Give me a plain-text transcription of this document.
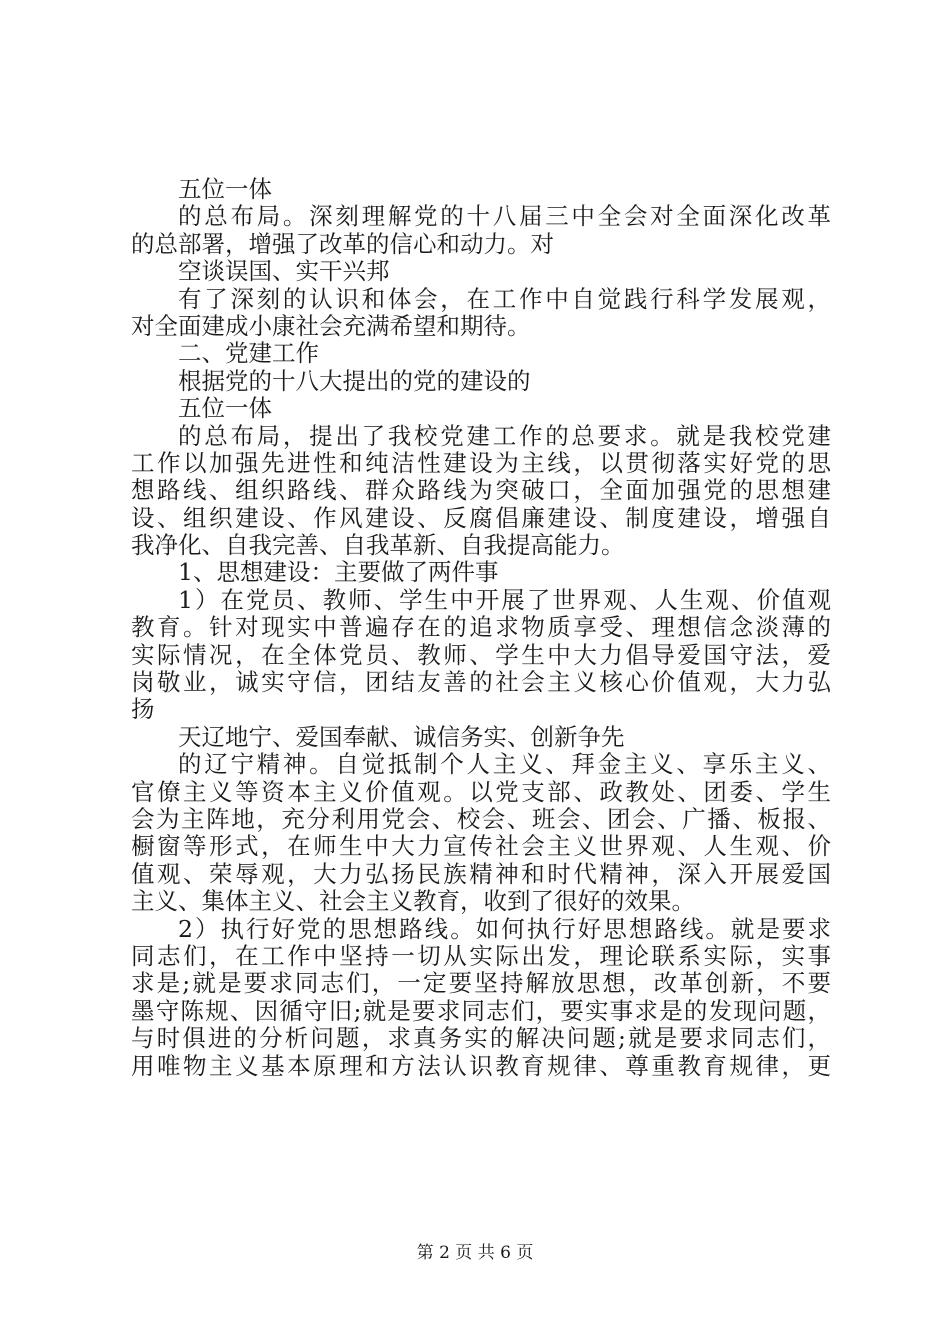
五位一体
的总布局。深刻理解党的十八届三中全会对全面深化改革
的总部署，增强了改革的信心和动力。对
空谈误国、实干兴邦
有了深刻的认识和体会，在工作中自觉践行科学发展观，
对全面建成小康社会充满希望和期待。
二、党建工作
根据党的十八大提出的党的建设的
五位一体
的总布局，提出了我校党建工作的总要求。就是我校党建
工作以加强先进性和纯洁性建设为主线，以贯彻落实好党的思
想路线、组织路线、群众路线为突破口，全面加强党的思想建
设、组织建设、作风建设、反腐倡廉建设、制度建设，增强自
我净化、自我完善、自我革新、自我提高能力。
1、思想建设：主要做了两件事
1）在党员、教师、学生中开展了世界观、人生观、价值观
教育。针对现实中普遍存在的追求物质享受、理想信念淡薄的
实际情况，在全体党员、教师、学生中大力倡导爱国守法，爱
岗敬业，诚实守信，团结友善的社会主义核心价值观，大力弘
扬
天辽地宁、爱国奉献、诚信务实、创新争先
的辽宁精神。自觉抵制个人主义、拜金主义、享乐主义、
官僚主义等资本主义价值观。以党支部、政教处、团委、学生
会为主阵地，充分利用党会、校会、班会、团会、广播、板报、
橱窗等形式，在师生中大力宣传社会主义世界观、人生观、价
值观、荣辱观，大力弘扬民族精神和时代精神，深入开展爱国
主义、集体主义、社会主义教育，收到了很好的效果。
2）执行好党的思想路线。如何执行好思想路线。就是要求
同志们，在工作中坚持一切从实际出发，理论联系实际，实事
求是;就是要求同志们，一定要坚持解放思想，改革创新，不要
墨守陈规、因循守旧;就是要求同志们，要实事求是的发现问题，
与时俱进的分析问题，求真务实的解决问题;就是要求同志们，
用唯物主义基本原理和方法认识教育规律、尊重教育规律，更
第 2 页 共 6 页
